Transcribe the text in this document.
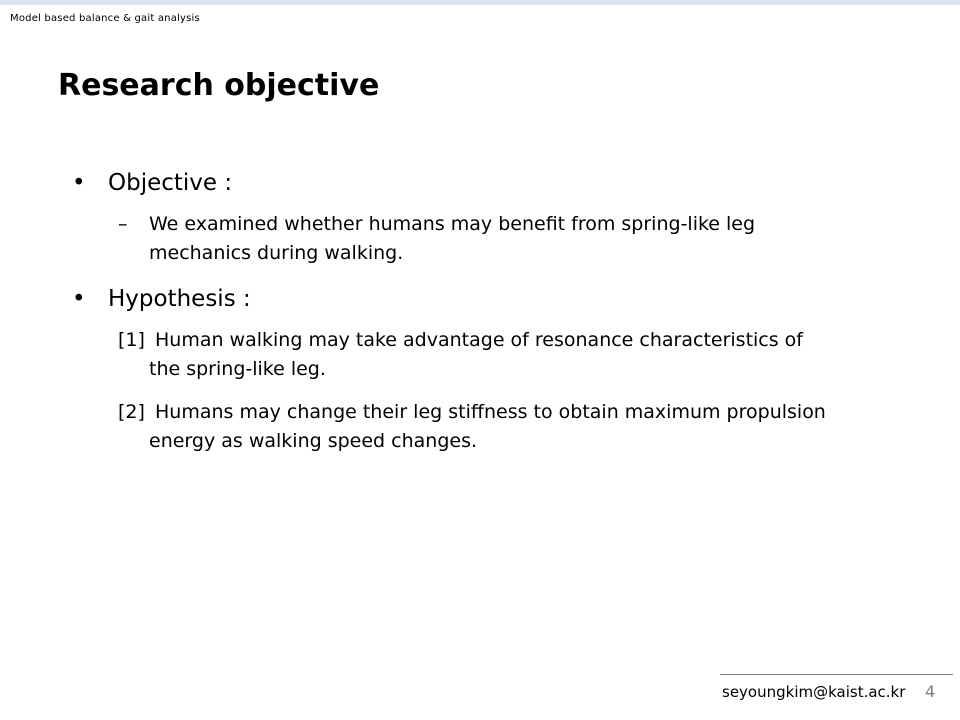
Model based balance & gait analysis
Research objective
• Objective :
– We examined whether humans may benefit from spring-like leg
mechanics during walking.
• Hypothesis :
[1] Human walking may take advantage of resonance characteristics of
the spring-like leg.
[2] Humans may change their leg stiffness to obtain maximum propulsion
energy as walking speed changes.
seyoungkim@kaist.ac.kr 4
